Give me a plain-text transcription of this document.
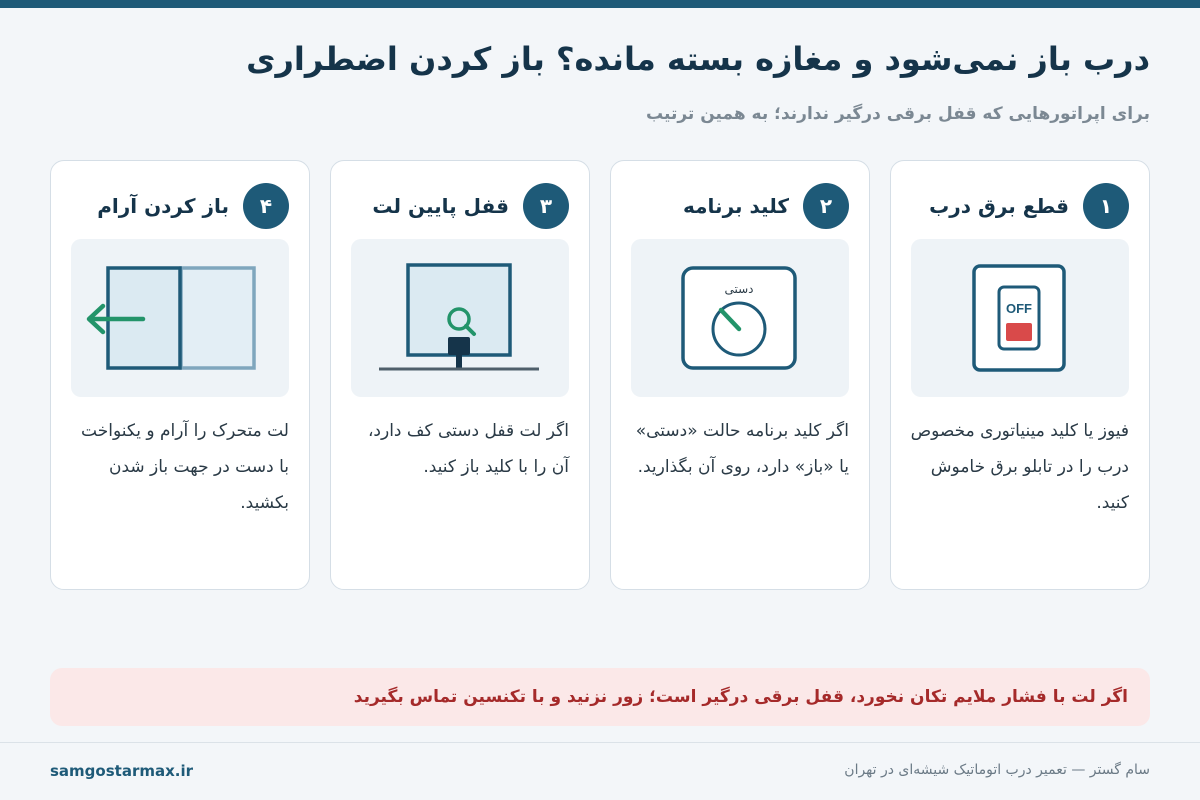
درب باز نمی‌شود و مغازه بسته مانده؟ باز کردن اضطراری
برای اپراتورهایی که قفل برقی درگیر ندارند؛ به همین ترتیب
۱
قطع برق درب
OFF
فیوز یا کلید مینیاتوری مخصوص درب را در تابلو برق خاموش کنید.
۲
کلید برنامه
دستی
اگر کلید برنامه حالت «دستی» یا «باز» دارد، روی آن بگذارید.
۳
قفل پایین لت
اگر لت قفل دستی کف دارد، آن را با کلید باز کنید.
۴
باز کردن آرام
لت متحرک را آرام و یکنواخت با دست در جهت باز شدن بکشید.
اگر لت با فشار ملایم تکان نخورد، قفل برقی درگیر است؛ زور نزنید و با تکنسین تماس بگیرید
samgostarmax.ir	سام گستر — تعمیر درب اتوماتیک شیشه‌ای در تهران
